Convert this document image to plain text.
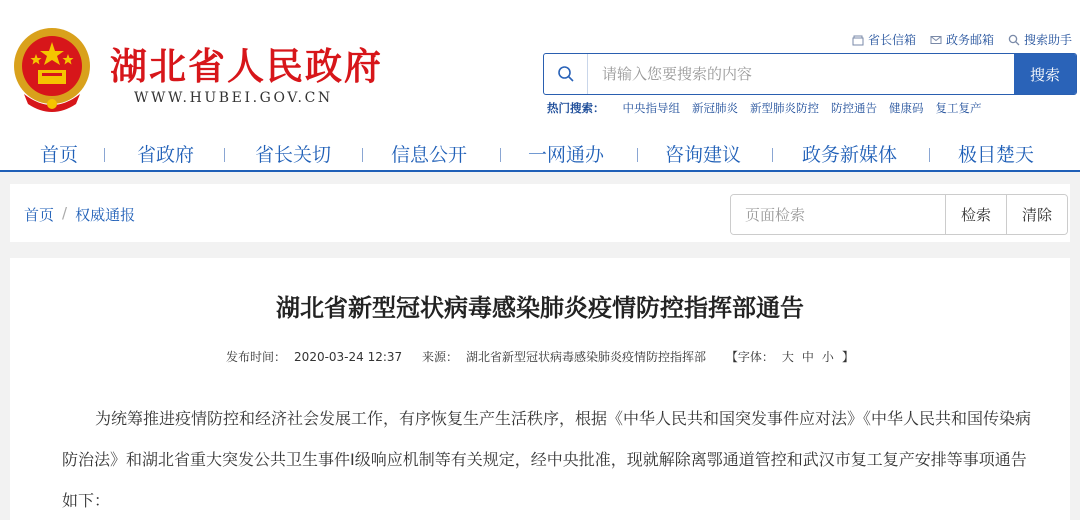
湖北省人民政府
WWW.HUBEI.GOV.CN
省长信箱	政务邮箱	搜索助手
请输入您要搜索的内容
搜索
热门搜索： 中央指导组 新冠肺炎 新型肺炎防控 防控通告 健康码 复工复产
首页	省政府	省长关切	信息公开	一网通办	咨询建议	政务新媒体	极目楚天
首页 / 权威通报
页面检索	检索	清除
湖北省新型冠状病毒感染肺炎疫情防控指挥部通告
发布时间： 2020-03-24 12:37 来源： 湖北省新型冠状病毒感染肺炎疫情防控指挥部 【字体： 大 中 小 】

为统筹推进疫情防控和经济社会发展工作，有序恢复生产生活秩序，根据《中华人民共和国突发事件应对法》《中华人民共和国传染病防治法》和湖北省重大突发公共卫生事件I级响应机制等有关规定，经中央批准，现就解除离鄂通道管控和武汉市复工复产安排等事项通告如下：
